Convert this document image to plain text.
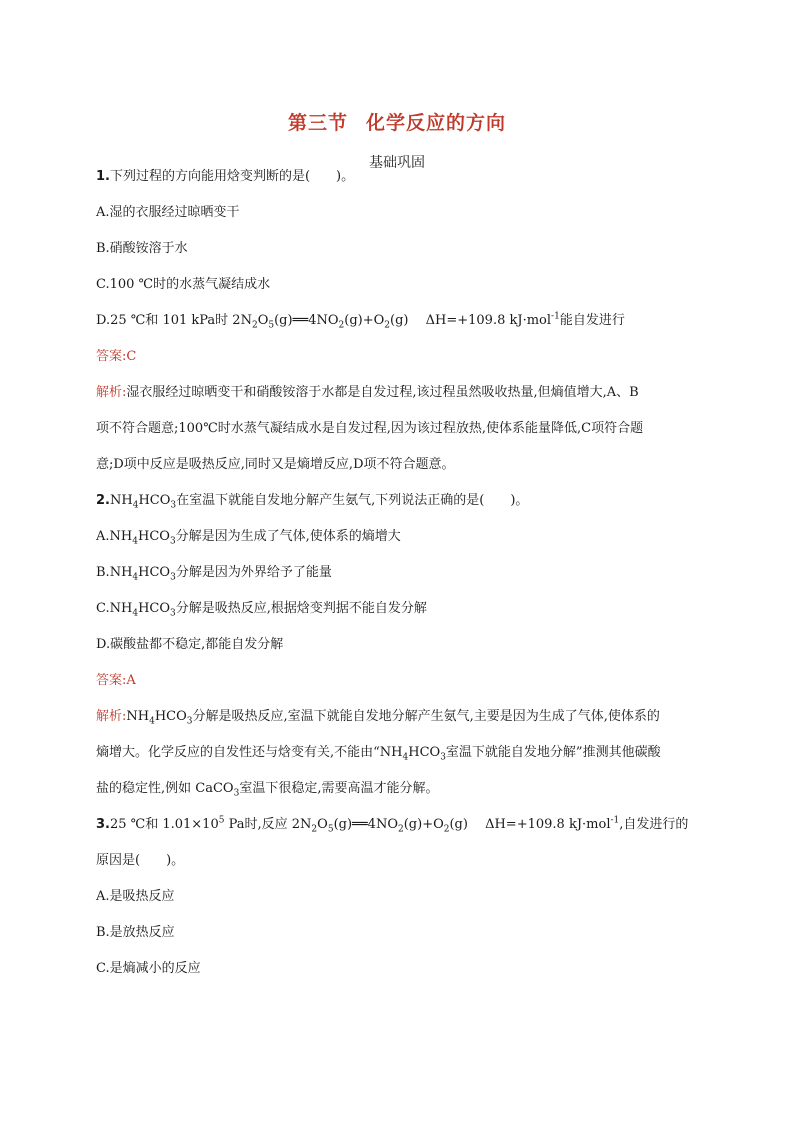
第三节 化学反应的方向
基础巩固
1.下列过程的方向能用焓变判断的是(　　)。
A.湿的衣服经过晾晒变干
B.硝酸铵溶于水
C.100 ℃时的水蒸气凝结成水
D.25 ℃和 101 kPa时 $2N_2O_5(g)══4NO_2(g)+O_2(g)$　 ΔH=+109.8 kJ·mol$^{-1}$能自发进行
答案:C
解析:湿衣服经过晾晒变干和硝酸铵溶于水都是自发过程,该过程虽然吸收热量,但熵值增大,A、B
项不符合题意;100℃时水蒸气凝结成水是自发过程,因为该过程放热,使体系能量降低,C项符合题
意;D项中反应是吸热反应,同时又是熵增反应,D项不符合题意。
$2.NH_4HCO_3$在室温下就能自发地分解产生氨气,下列说法正确的是(　　)。
$A.NH_4HCO_3$分解是因为生成了气体,使体系的熵增大
$B.NH_4HCO_3$分解是因为外界给予了能量
$C.NH_4HCO_3$分解是吸热反应,根据焓变判据不能自发分解
D.碳酸盐都不稳定,都能自发分解
答案:A
解析$:NH_4HCO_3$分解是吸热反应,室温下就能自发地分解产生氨气,主要是因为生成了气体,使体系的
熵增大。化学反应的自发性还与焓变有关,不能由“$NH_4HCO_3$室温下就能自发地分解”推测其他碳酸
盐的稳定性,例如 CaCO$_3$室温下很稳定,需要高温才能分解。
3.25 ℃和 $1.01\times 10^5$ Pa时,反应 $2N_2O_5(g)══4NO_2(g)+O_2(g)$　 ΔH=+109.8 kJ·mol$^{-1}$,自发进行的
原因是(　　)。
A.是吸热反应
B.是放热反应
C.是熵减小的反应
